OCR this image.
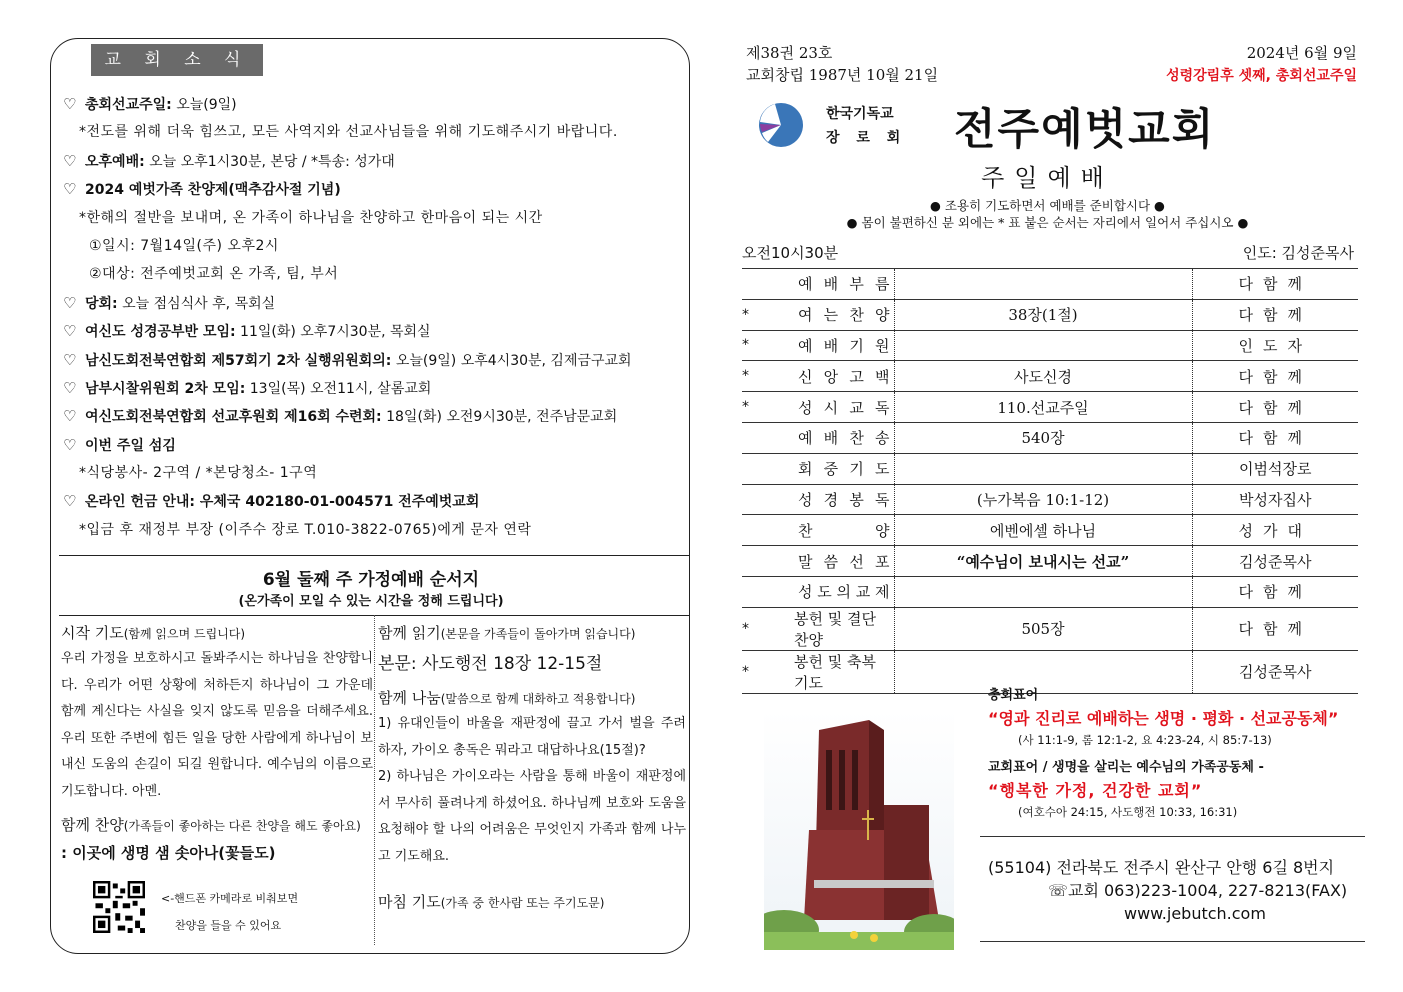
교 회 소 식
♡ 총회선교주일: 오늘(9일)
*전도를 위해 더욱 힘쓰고, 모든 사역지와 선교사님들을 위해 기도해주시기 바랍니다.
♡ 오후예배: 오늘 오후1시30분, 본당 / *특송: 성가대
♡ 2024 예벗가족 찬양제(맥추감사절 기념)
*한해의 절반을 보내며, 온 가족이 하나님을 찬양하고 한마음이 되는 시간
①일시: 7월14일(주) 오후2시
②대상: 전주예벗교회 온 가족, 팀, 부서
♡ 당회: 오늘 점심식사 후, 목회실
♡ 여신도 성경공부반 모임: 11일(화) 오후7시30분, 목회실
♡ 남신도회전북연합회 제57회기 2차 실행위원회의: 오늘(9일) 오후4시30분, 김제금구교회
♡ 남부시찰위원회 2차 모임: 13일(목) 오전11시, 살롬교회
♡ 여신도회전북연합회 선교후원회 제16회 수련회: 18일(화) 오전9시30분, 전주남문교회
♡ 이번 주일 섬김
*식당봉사- 2구역 / *본당청소- 1구역
♡ 온라인 헌금 안내: 우체국 402180-01-004571 전주예벗교회
*입금 후 재정부 부장 (이주수 장로 T.010-3822-0765)에게 문자 연락
6월 둘째 주 가정예배 순서지
(온가족이 모일 수 있는 시간을 정해 드립니다)
시작 기도(함께 읽으며 드립니다)
우리 가정을 보호하시고 돌봐주시는 하나님을 찬양합니다. 우리가 어떤 상황에 처하든지 하나님이 그 가운데 함께 계신다는 사실을 잊지 않도록 믿음을 더해주세요. 우리 또한 주변에 힘든 일을 당한 사람에게 하나님이 보내신 도움의 손길이 되길 원합니다. 예수님의 이름으로 기도합니다. 아멘.
함께 찬양(가족들이 좋아하는 다른 찬양을 해도 좋아요)
: 이곳에 생명 샘 솟아나(꽃들도)
<-핸드폰 카메라로 비춰보면
찬양을 들을 수 있어요
함께 읽기(본문을 가족들이 돌아가며 읽습니다)
본문: 사도행전 18장 12-15절
함께 나눔(말씀으로 함께 대화하고 적용합니다)
1) 유대인들이 바울을 재판정에 끌고 가서 벌을 주려 하자, 가이오 총독은 뭐라고 대답하나요(15절)?
2) 하나님은 가이오라는 사람을 통해 바울이 재판정에서 무사히 풀려나게 하셨어요. 하나님께 보호와 도움을 요청해야 할 나의 어려움은 무엇인지 가족과 함께 나누고 기도해요.
마침 기도(가족 중 한사람 또는 주기도문)
제38권 23호
교회창립 1987년 10월 21일
2024년 6월 9일
성령강림후 셋째, 총회선교주일
한국기독교
장 로 회 전주예벗교회
주일예배
● 조용히 기도하면서 예배를 준비합시다 ●
● 몸이 불편하신 분 외에는 * 표 붙은 순서는 자리에서 일어서 주십시오 ●
오전10시30분	인도: 김성준목사

	예 배 부 름		다함께
*	여 는 찬 양	38장(1절)	다함께
*	예 배 기 원		인도자
*	신 앙 고 백	사도신경	다함께
*	성 시 교 독	110.선교주일	다함께

	예 배 찬 송	540장	다함께

	회 중 기 도		이범석장로

	성 경 봉 독	(누가복음 10:1-12)	박성자집사

	찬 양	에벤에셀 하나님	성가대

	말 씀 선 포	“예수님이 보내시는 선교”	김성준목사

	성 도 의 교 제		다함께
*	봉헌 및 결단찬양	505장	다함께
*	봉헌 및 축복기도		김성준목사
총회표어
“영과 진리로 예배하는 생명 · 평화 · 선교공동체”
(사 11:1-9, 롬 12:1-2, 요 4:23-24, 시 85:7-13)
교회표어 / 생명을 살리는 예수님의 가족공동체 -
“행복한 가정, 건강한 교회”
(여호수아 24:15, 사도행전 10:33, 16:31)
(55104) 전라북도 전주시 완산구 안행 6길 8번지
☏교회 063)223-1004, 227-8213(FAX)
www.jebutch.com
